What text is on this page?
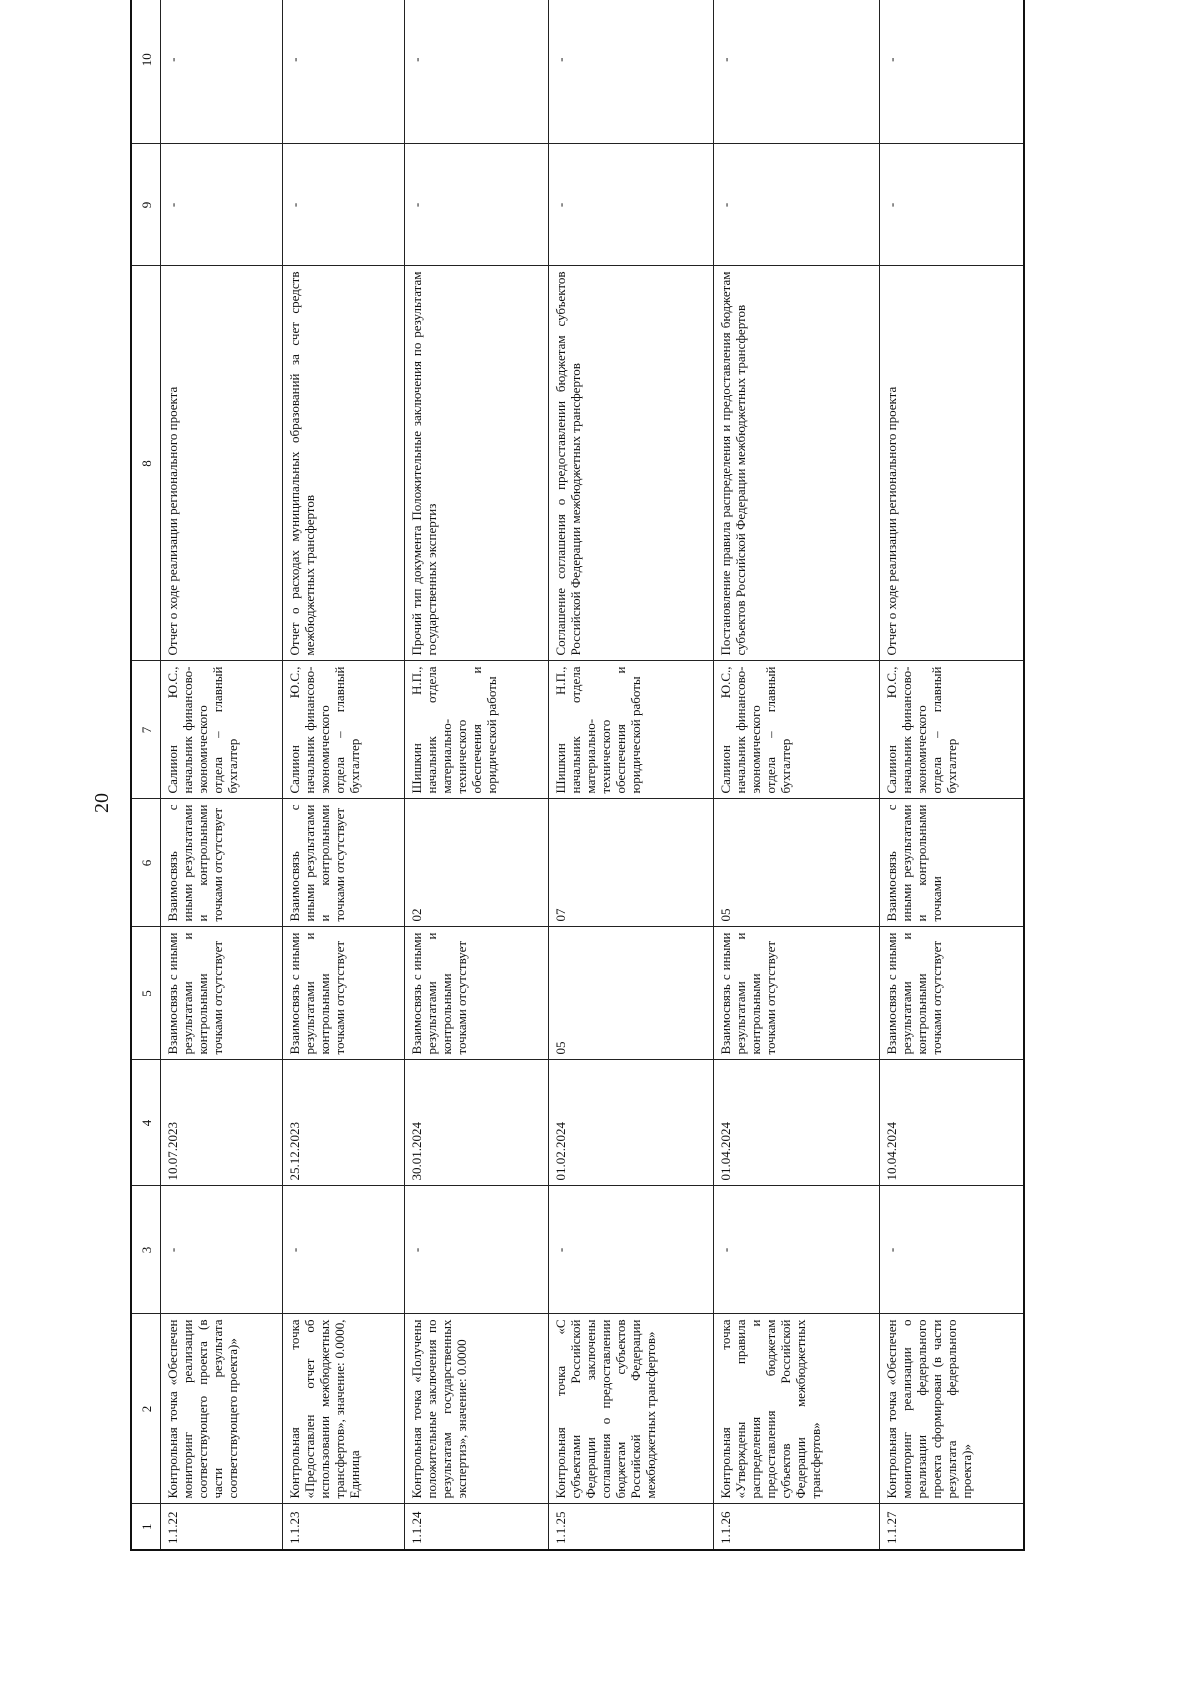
20
1	2	3	4	5	6	7	8	9	10
1.1.22	Контрольная точка «Обеспечен мониторинг реализации соответствующего проекта (в части результата соответствующего проекта)»	-	10.07.2023	Взаимосвязь с иными результатами и контрольными точками отсутствует	Взаимосвязь с иными результатами и контрольными точками отсутствует	Салиион Ю.С., начальник финансово-экономического отдела – главный бухгалтер	Отчет о ходе реализации регионального проекта	-	-
1.1.23	Контрольная точка «Предоставлен отчет об использовании межбюджетных трансфертов», значение: 0.0000, Единица	-	25.12.2023	Взаимосвязь с иными результатами и контрольными точками отсутствует	Взаимосвязь с иными результатами и контрольными точками отсутствует	Салиион Ю.С., начальник финансово-экономического отдела – главный бухгалтер	Отчет о расходах муниципальных образований за счет средств межбюджетных трансфертов	-	-
1.1.24	Контрольная точка «Получены положительные заключения по результатам государственных экспертиз», значение: 0.0000	-	30.01.2024	Взаимосвязь с иными результатами и контрольными точками отсутствует	02	Шишкин Н.П., начальник отдела материально-технического обеспечения и юридической работы	Прочий тип документа Положительные заключения по результатам государственных экспертиз	-	-
1.1.25	Контрольная точка «С субъектами Российской Федерации заключены соглашения о предоставлении бюджетам субъектов Российской Федерации межбюджетных трансфертов»	-	01.02.2024	05	07	Шишкин Н.П., начальник отдела материально-технического обеспечения и юридической работы	Соглашение соглашения о предоставлении бюджетам субъектов Российской Федерации межбюджетных трансфертов	-	-
1.1.26	Контрольная точка «Утверждены правила распределения и предоставления бюджетам субъектов Российской Федерации межбюджетных трансфертов»	-	01.04.2024	Взаимосвязь с иными результатами и контрольными точками отсутствует	05	Салиион Ю.С., начальник финансово-экономического отдела – главный бухгалтер	Постановление правила распределения и предоставления бюджетам субъектов Российской Федерации межбюджетных трансфертов	-	-
1.1.27	Контрольная точка «Обеспечен мониторинг реализации о реализации федерального проекта сформирован (в части результата федерального проекта)»	-	10.04.2024	Взаимосвязь с иными результатами и контрольными точками отсутствует	Взаимосвязь с иными результатами и контрольными точками	Салиион Ю.С., начальник финансово-экономического отдела – главный бухгалтер	Отчет о ходе реализации регионального проекта	-	-
